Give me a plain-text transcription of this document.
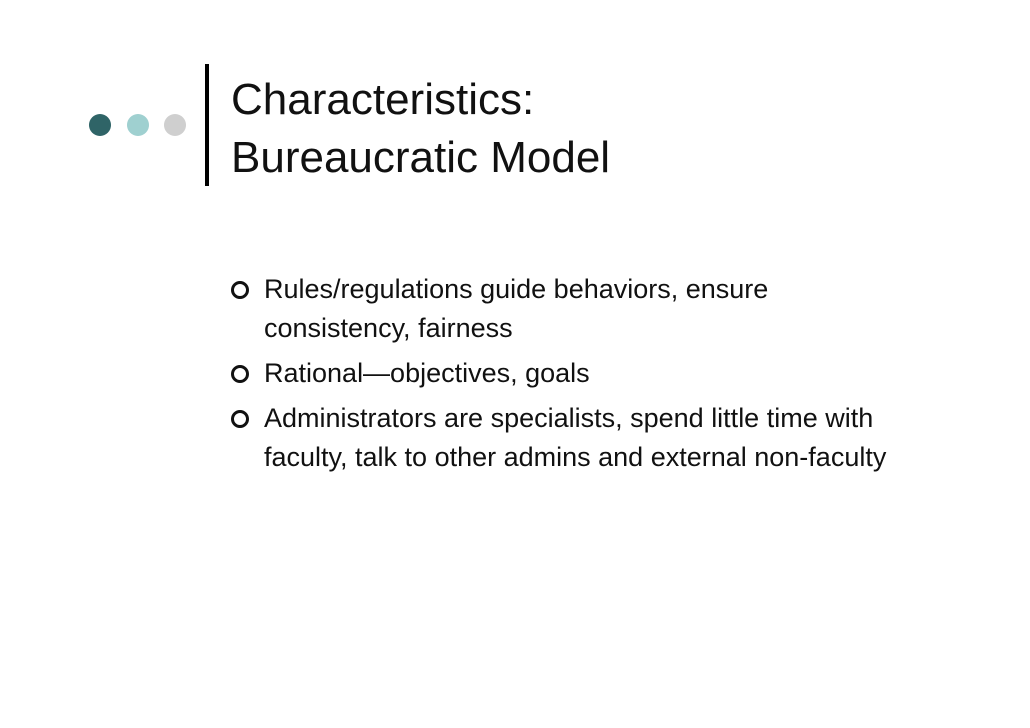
Characteristics:
Bureaucratic Model
Rules/regulations guide behaviors, ensure consistency, fairness
Rational—objectives, goals
Administrators are specialists, spend little time with faculty, talk to other admins and external non-faculty
